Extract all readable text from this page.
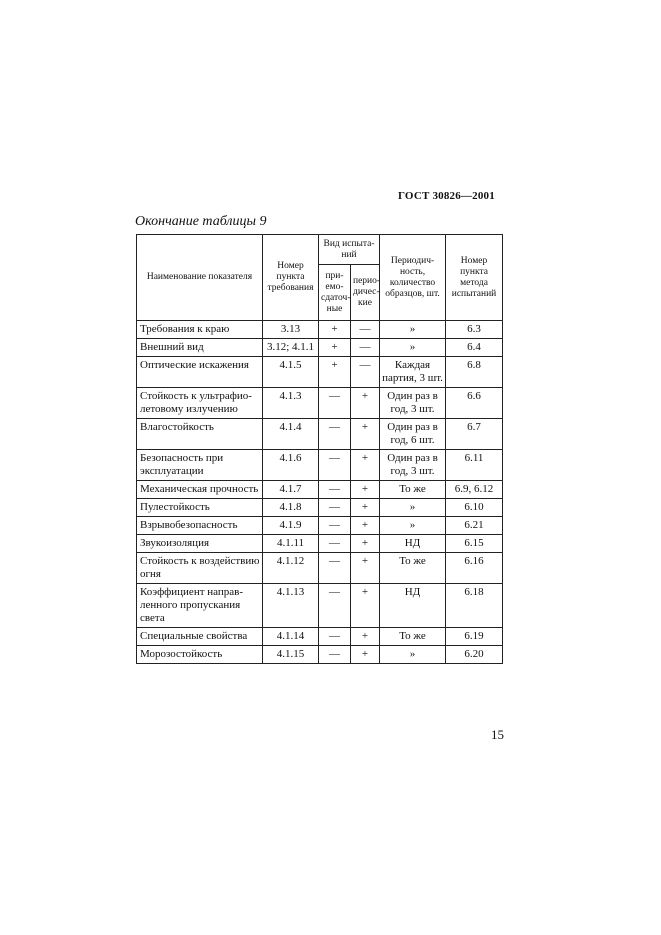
ГОСТ 30826—2001
Окончание таблицы 9
Наименование показателя	Номер пункта требования	Вид испыта-ний		Периодич-ность, количество образцов, шт.	Номер пункта метода испытаний
		при-емо-сдаточ-ные	перио-дичес-кие		
Требования к краю	3.13	+	—	»	6.3
Внешний вид	3.12; 4.1.1	+	—	»	6.4
Оптические искажения	4.1.5	+	—	Каждая партия, 3 шт.	6.8
Стойкость к ультрафио-летовому излучению	4.1.3	—	+	Один раз в год, 3 шт.	6.6
Влагостойкость	4.1.4	—	+	Один раз в год, 6 шт.	6.7
Безопасность при эксплуатации	4.1.6	—	+	Один раз в год, 3 шт.	6.11
Механическая прочность	4.1.7	—	+	То же	6.9, 6.12
Пулестойкость	4.1.8	—	+	»	6.10
Взрывобезопасность	4.1.9	—	+	»	6.21
Звукоизоляция	4.1.11	—	+	НД	6.15
Стойкость к воздействию огня	4.1.12	—	+	То же	6.16
Коэффициент направ-ленного пропускания света	4.1.13	—	+	НД	6.18
Специальные свойства	4.1.14	—	+	То же	6.19
Морозостойкость	4.1.15	—	+	»	6.20
15
